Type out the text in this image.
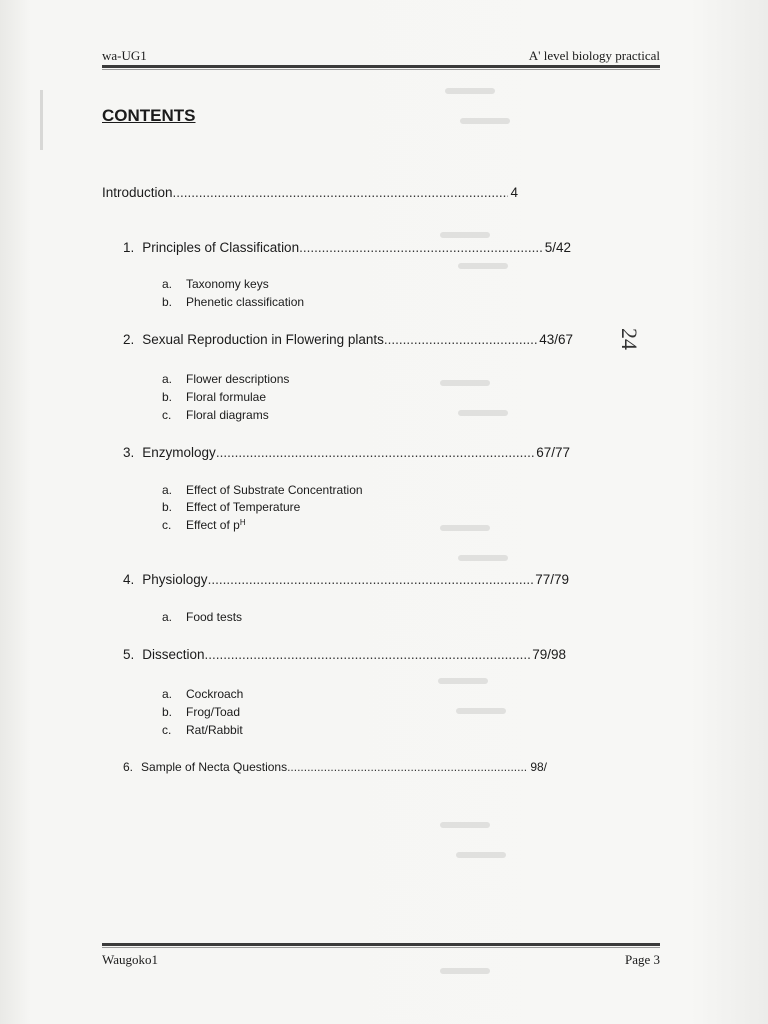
wa-UG1	A' level biology practical
CONTENTS
Introduction .....	4
1. Principles of Classification .....	5/42
a.	Taxonomy keys
b.	Phenetic classification
2. Sexual Reproduction in Flowering plants .....	43/67 24
a.	Flower descriptions
b.	Floral formulae
c.	Floral diagrams
3. Enzymology .....	67/77
a.	Effect of Substrate Concentration
b.	Effect of Temperature
c.	Effect of p H
4. Physiology .....	77/79
a.	Food tests
5. Dissection .....	79/98
a.	Cockroach
b.	Frog/Toad
c.	Rat/Rabbit
6. Sample of Necta Questions .....	98/
Waugoko1	Page 3
